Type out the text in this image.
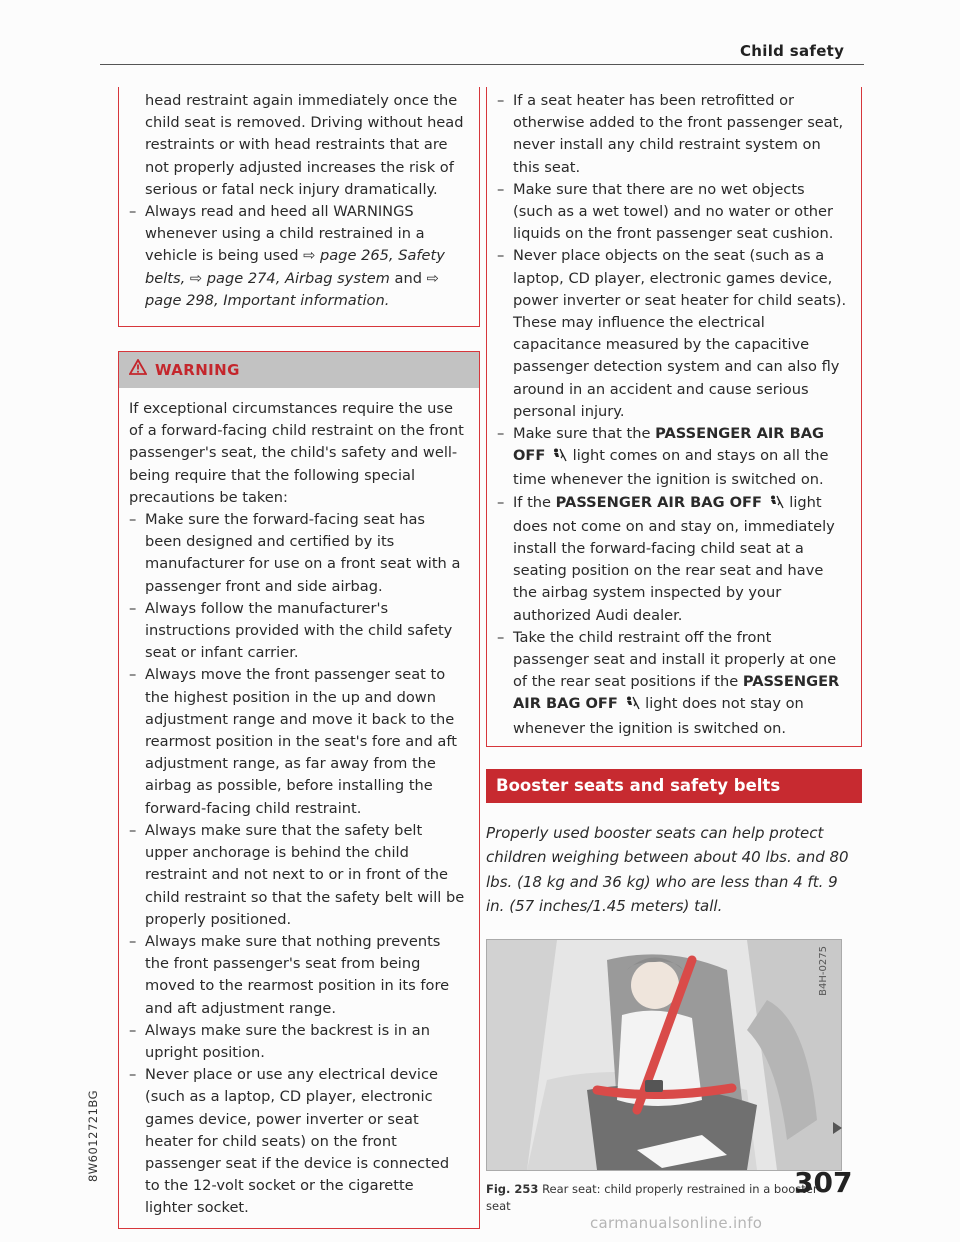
Child safety

head restraint again immediately once the child seat is removed. Driving without head restraints or with head restraints that are not properly adjusted increases the risk of serious or fatal neck injury dramatically.

– Always read and heed all WARNINGS whenever using a child restrained in a vehicle is being used ⇨ page 265, Safety belts, ⇨ page 274, Airbag system and ⇨ page 298, Important information.
WARNING

If exceptional circumstances require the use of a forward-facing child restraint on the front passenger's seat, the child's safety and well-being require that the following special precautions be taken:

– Make sure the forward-facing seat has been designed and certified by its manufacturer for use on a front seat with a passenger front and side airbag.
– Always follow the manufacturer's instructions provided with the child safety seat or infant carrier.
– Always move the front passenger seat to the highest position in the up and down adjustment range and move it back to the rearmost position in the seat's fore and aft adjustment range, as far away from the airbag as possible, before installing the forward-facing child restraint.
– Always make sure that the safety belt upper anchorage is behind the child restraint and not next to or in front of the child restraint so that the safety belt will be properly positioned.
– Always make sure that nothing prevents the front passenger's seat from being moved to the rearmost position in its fore and aft adjustment range.
– Always make sure the backrest is in an upright position.
– Never place or use any electrical device (such as a laptop, CD player, electronic games device, power inverter or seat heater for child seats) on the front passenger seat if the device is connected to the 12-volt socket or the cigarette lighter socket.
– If a seat heater has been retrofitted or otherwise added to the front passenger seat, never install any child restraint system on this seat.
– Make sure that there are no wet objects (such as a wet towel) and no water or other liquids on the front passenger seat cushion.
– Never place objects on the seat (such as a laptop, CD player, electronic games device, power inverter or seat heater for child seats). These may influence the electrical capacitance measured by the capacitive passenger detection system and can also fly around in an accident and cause serious personal injury.
– Make sure that the PASSENGER AIR BAG OFF  light comes on and stays on all the time whenever the ignition is switched on.
– If the PASSENGER AIR BAG OFF  light does not come on and stay on, immediately install the forward-facing child seat at a seating position on the rear seat and have the airbag system inspected by your authorized Audi dealer.
– Take the child restraint off the front passenger seat and install it properly at one of the rear seat positions if the PASSENGER AIR BAG OFF  light does not stay on whenever the ignition is switched on.
Booster seats and safety belts

Properly used booster seats can help protect children weighing between about 40 lbs. and 80 lbs. (18 kg and 36 kg) who are less than 4 ft. 9 in. (57 inches/1.45 meters) tall.

B4H-0275
Fig. 253 Rear seat: child properly restrained in a booster seat
307
8W6012721BG
carmanualsonline.info
